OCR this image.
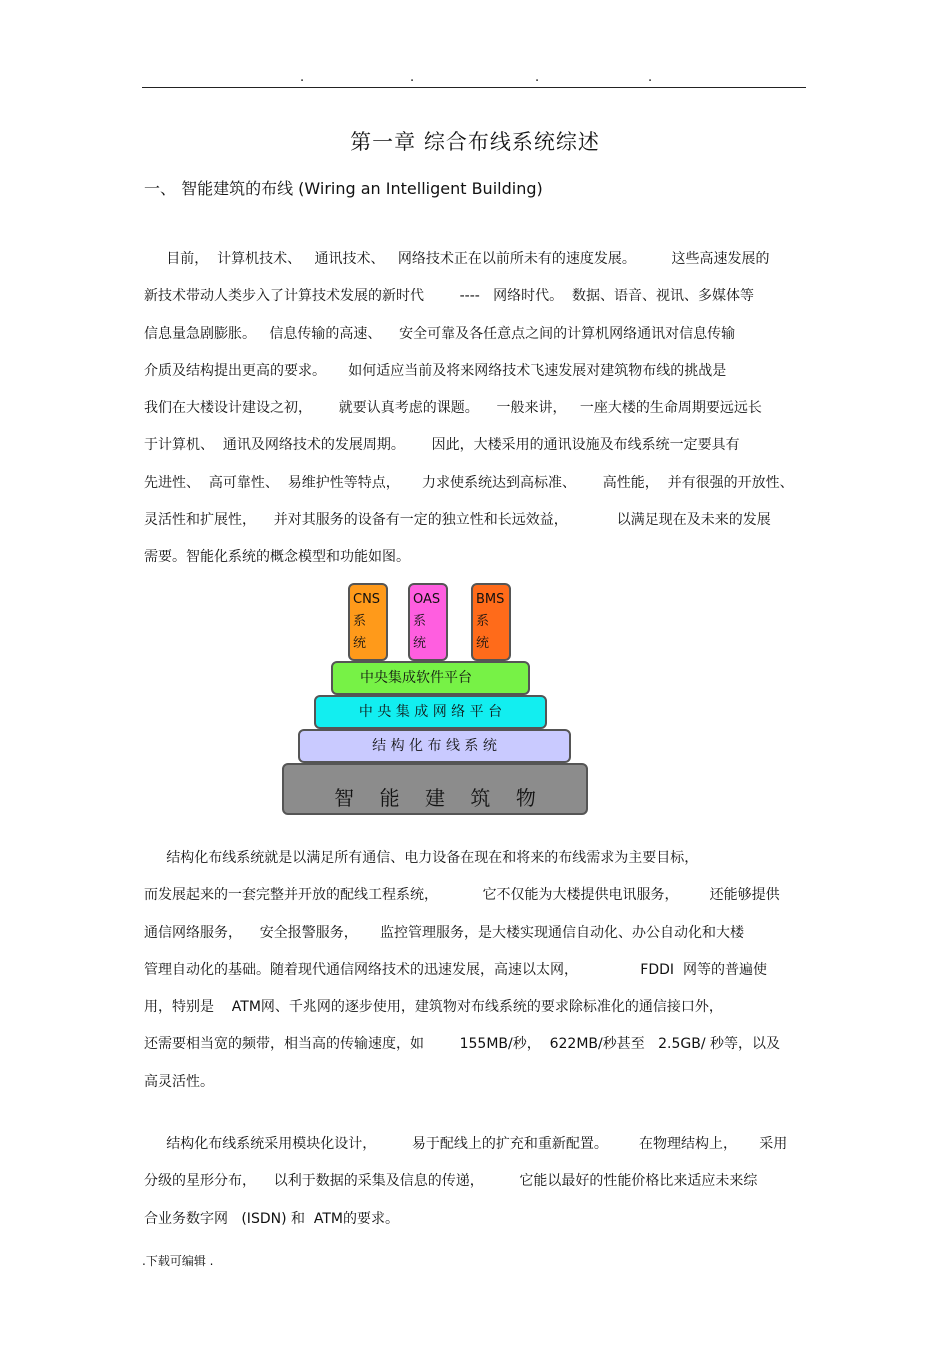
.	.	.	.
第一章 综合布线系统综述
一、 智能建筑的布线 (Wiring an Intelligent Building)
目前，  计算机技术、   通讯技术、   网络技术正在以前所未有的速度发展。        这些高速发展的
新技术带动人类步入了计算技术发展的新时代        ----   网络时代。  数据、语音、视讯、多媒体等
信息量急剧膨胀。   信息传输的高速、    安全可靠及各任意点之间的计算机网络通讯对信息传输
介质及结构提出更高的要求。     如何适应当前及将来网络技术飞速发展对建筑物布线的挑战是
我们在大楼设计建设之初，      就要认真考虑的课题。    一般来讲，   一座大楼的生命周期要远远长
于计算机、  通讯及网络技术的发展周期。      因此，大楼采用的通讯设施及布线系统一定要具有
先进性、  高可靠性、  易维护性等特点，     力求使系统达到高标准、      高性能，  并有很强的开放性、
灵活性和扩展性，    并对其服务的设备有一定的独立性和长远效益，           以满足现在及未来的发展
需要。智能化系统的概念模型和功能如图。
CNS
系
统
OAS
系
统
BMS
系
统
中央集成软件平台
中 央 集 成 网 络 平 台
结 构 化 布 线 系 统
智    能    建    筑    物
结构化布线系统就是以满足所有通信、电力设备在现在和将来的布线需求为主要目标，
而发展起来的一套完整并开放的配线工程系统，          它不仅能为大楼提供电讯服务，       还能够提供
通信网络服务，    安全报警服务，     监控管理服务，是大楼实现通信自动化、办公自动化和大楼
管理自动化的基础。随着现代通信网络技术的迅速发展，高速以太网，              FDDI  网等的普遍使
用，特别是    ATM网、千兆网的逐步使用，建筑物对布线系统的要求除标准化的通信接口外，
还需要相当宽的频带，相当高的传输速度，如        155MB/秒，  622MB/秒甚至   2.5GB/ 秒等，以及
高灵活性。
结构化布线系统采用模块化设计，        易于配线上的扩充和重新配置。       在物理结构上，     采用
分级的星形分布，    以利于数据的采集及信息的传递，        它能以最好的性能价格比来适应未来综
合业务数字网   (ISDN) 和  ATM的要求。
.下载可编辑 .
